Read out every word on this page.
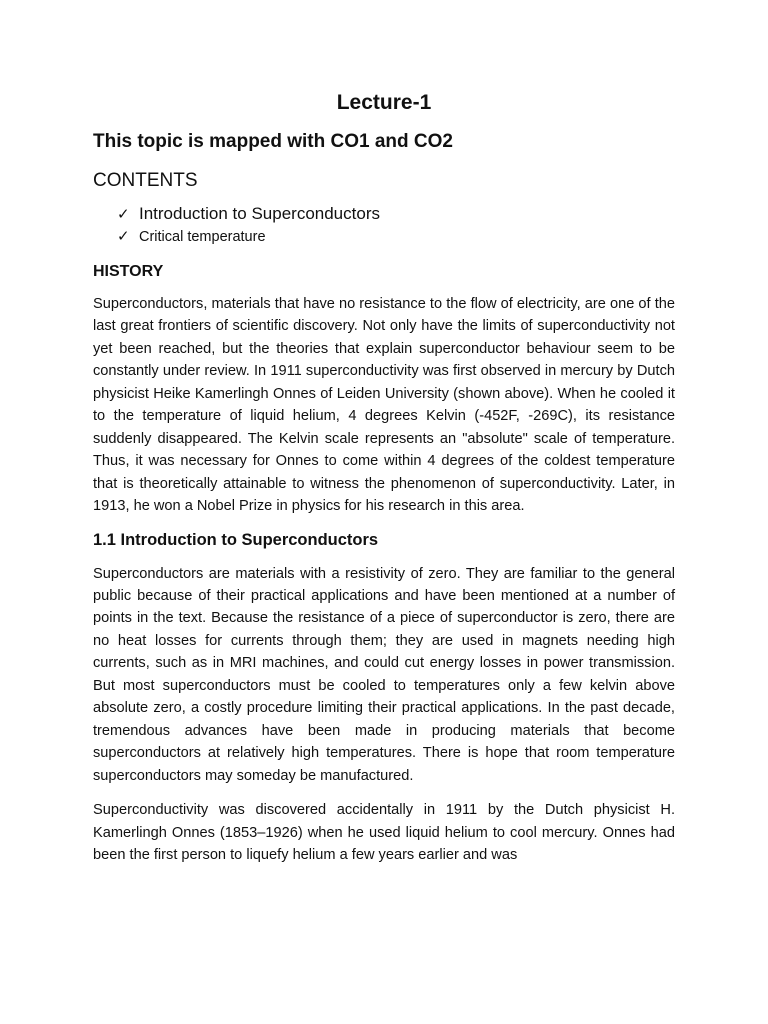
Lecture-1
This topic is mapped with CO1 and CO2
CONTENTS
✓ Introduction to Superconductors
✓ Critical temperature
HISTORY

Superconductors, materials that have no resistance to the flow of electricity, are one of the last great frontiers of scientific discovery. Not only have the limits of superconductivity not yet been reached, but the theories that explain superconductor behaviour seem to be constantly under review. In 1911 superconductivity was first observed in mercury by Dutch physicist Heike Kamerlingh Onnes of Leiden University (shown above). When he cooled it to the temperature of liquid helium, 4 degrees Kelvin (-452F, -269C), its resistance suddenly disappeared. The Kelvin scale represents an "absolute" scale of temperature. Thus, it was necessary for Onnes to come within 4 degrees of the coldest temperature that is theoretically attainable to witness the phenomenon of superconductivity. Later, in 1913, he won a Nobel Prize in physics for his research in this area.

1.1 Introduction to Superconductors

Superconductors are materials with a resistivity of zero. They are familiar to the general public because of their practical applications and have been mentioned at a number of points in the text. Because the resistance of a piece of superconductor is zero, there are no heat losses for currents through them; they are used in magnets needing high currents, such as in MRI machines, and could cut energy losses in power transmission. But most superconductors must be cooled to temperatures only a few kelvin above absolute zero, a costly procedure limiting their practical applications. In the past decade, tremendous advances have been made in producing materials that become superconductors at relatively high temperatures. There is hope that room temperature superconductors may someday be manufactured.

Superconductivity was discovered accidentally in 1911 by the Dutch physicist H. Kamerlingh Onnes (1853–1926) when he used liquid helium to cool mercury. Onnes had been the first person to liquefy helium a few years earlier and was
